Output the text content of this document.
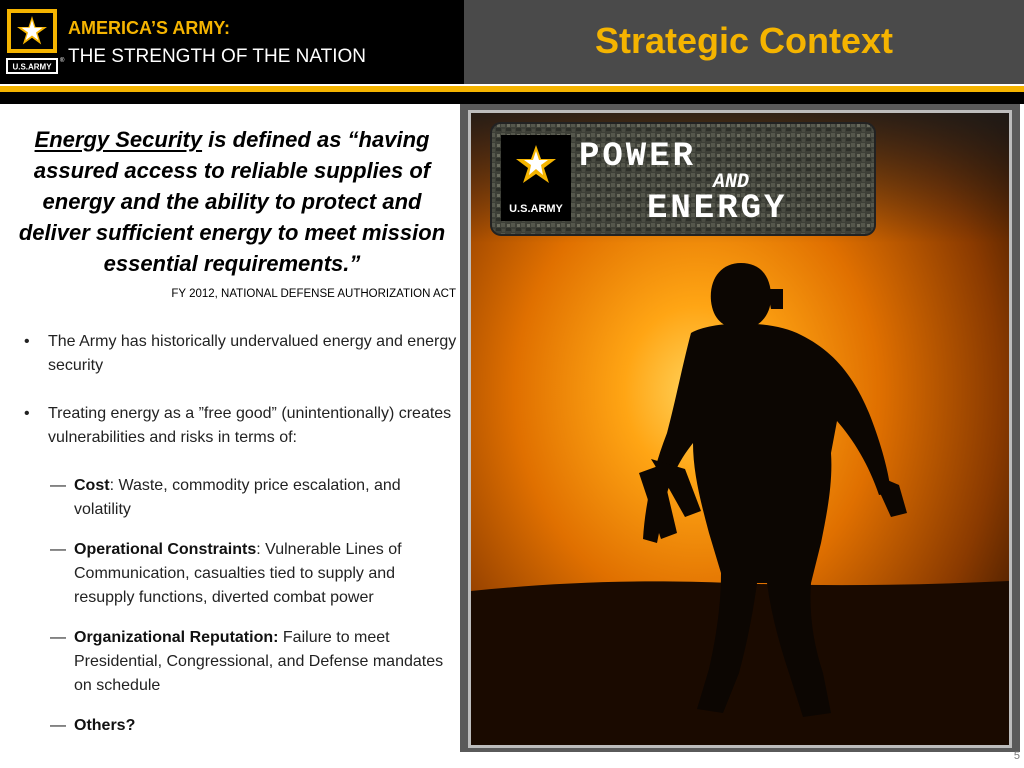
U.S.ARMY
®
AMERICA’S ARMY:
THE STRENGTH OF THE NATION	Strategic Context
Energy Security is defined as “having assured access to reliable supplies of energy and the ability to protect and deliver sufficient energy to meet mission essential requirements.”
FY 2012, NATIONAL DEFENSE AUTHORIZATION ACT
• The Army has historically undervalued energy and energy security
• Treating energy as a ”free good” (unintentionally) creates vulnerabilities and risks in terms of:
— Cost: Waste, commodity price escalation, and volatility
— Operational Constraints: Vulnerable Lines of Communication, casualties tied to supply and resupply functions, diverted combat power
— Organizational Reputation: Failure to meet Presidential, Congressional, and Defense mandates on schedule
— Others?
U.S.ARMY
POWER
AND
ENERGY
5
